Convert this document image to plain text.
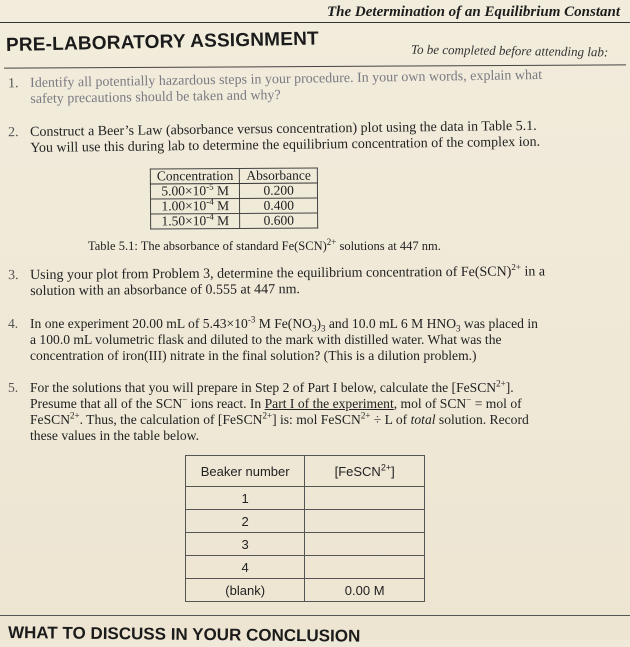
The Determination of an Equilibrium Constant
PRE-LABORATORY ASSIGNMENT	To be completed before attending lab:
1. Identify all potentially hazardous steps in your procedure. In your own words, explain what
safety precautions should be taken and why?
2. Construct a Beer’s Law (absorbance versus concentration) plot using the data in Table 5.1.
You will use this during lab to determine the equilibrium concentration of the complex ion.
Concentration	Absorbance
$5.00\times 10^{-5}$ M	0.200
$1.00\times 10^{-4}$ M	0.400
$1.50\times 10^{-4}$ M	0.600
Table 5.1: The absorbance of standard Fe(SCN)$^{2+}$ solutions at 447 nm.
3. Using your plot from Problem 3, determine the equilibrium concentration of Fe(SCN)$^{2+}$ in a
solution with an absorbance of 0.555 at 447 nm.
4. In one experiment 20.00 mL of $5.43\times 10^{-3}$ M $Fe(NO_3)_3$ and 10.0 mL 6 M $HNO_3$ was placed in
a 100.0 mL volumetric flask and diluted to the mark with distilled water. What was the
concentration of iron(III) nitrate in the final solution? (This is a dilution problem.)
5. For the solutions that you will prepare in Step 2 of Part I below, calculate the [FeSCN$^{2+}$].
Presume that all of the SCN− ions react. In Part I of the experiment, mol of SCN− = mol of
FeSCN$^{2+}$. Thus, the calculation of [FeSCN$^{2+}$] is: mol FeSCN$^{2+}$ ÷ L of total solution. Record
these values in the table below.
Beaker number	[FeSCN$^{2+}$]
1	
2	
3	
4	
(blank)	0.00 M
WHAT TO DISCUSS IN YOUR CONCLUSION
